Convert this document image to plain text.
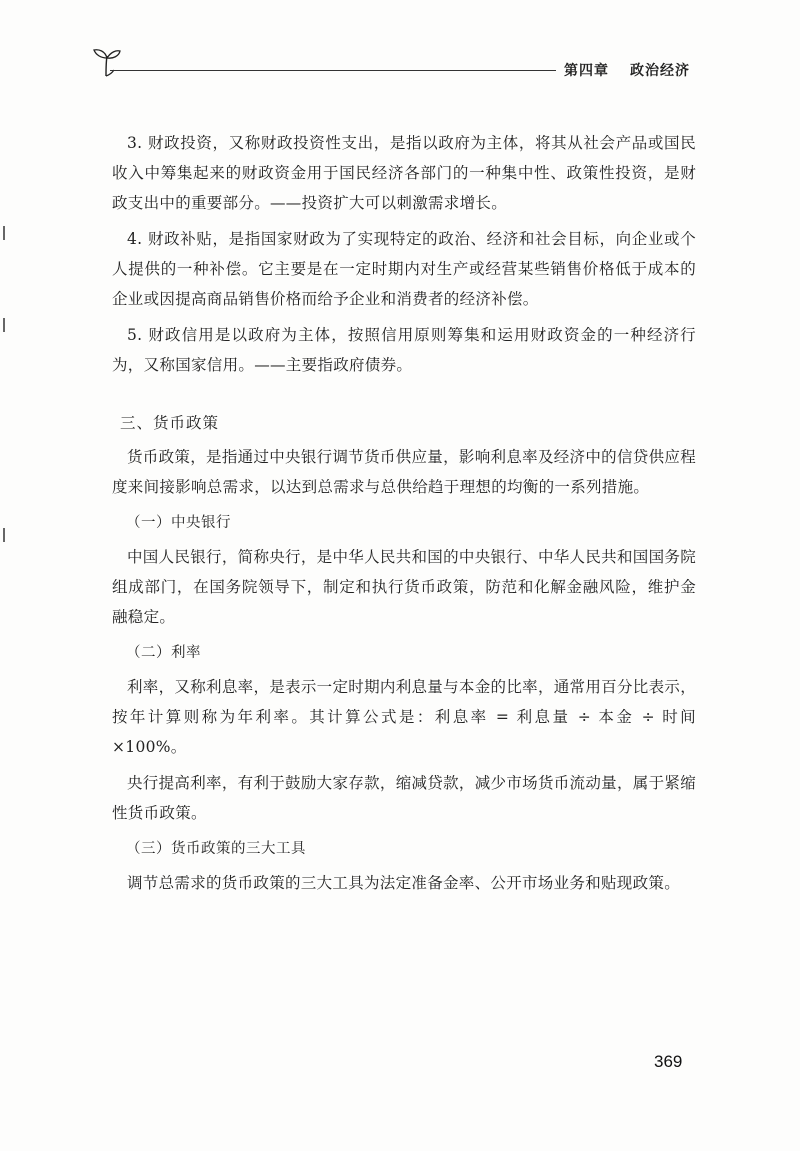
第四章 政治经济

3. 财政投资，又称财政投资性支出，是指以政府为主体，将其从社会产品或国民收入中筹集起来的财政资金用于国民经济各部门的一种集中性、政策性投资，是财政支出中的重要部分。——投资扩大可以刺激需求增长。

4. 财政补贴，是指国家财政为了实现特定的政治、经济和社会目标，向企业或个人提供的一种补偿。它主要是在一定时期内对生产或经营某些销售价格低于成本的企业或因提高商品销售价格而给予企业和消费者的经济补偿。

5. 财政信用是以政府为主体，按照信用原则筹集和运用财政资金的一种经济行为，又称国家信用。——主要指政府债券。

三、货币政策

货币政策，是指通过中央银行调节货币供应量，影响利息率及经济中的信贷供应程度来间接影响总需求，以达到总需求与总供给趋于理想的均衡的一系列措施。

（一）中央银行

中国人民银行，简称央行，是中华人民共和国的中央银行、中华人民共和国国务院组成部门，在国务院领导下，制定和执行货币政策，防范和化解金融风险，维护金融稳定。

（二）利率

利率，又称利息率，是表示一定时期内利息量与本金的比率，通常用百分比表示，按年计算则称为年利率。其计算公式是：利息率 = 利息量 ÷ 本金 ÷ 时间 ×100%。

央行提高利率，有利于鼓励大家存款，缩减贷款，减少市场货币流动量，属于紧缩性货币政策。

（三）货币政策的三大工具

调节总需求的货币政策的三大工具为法定准备金率、公开市场业务和贴现政策。

369
